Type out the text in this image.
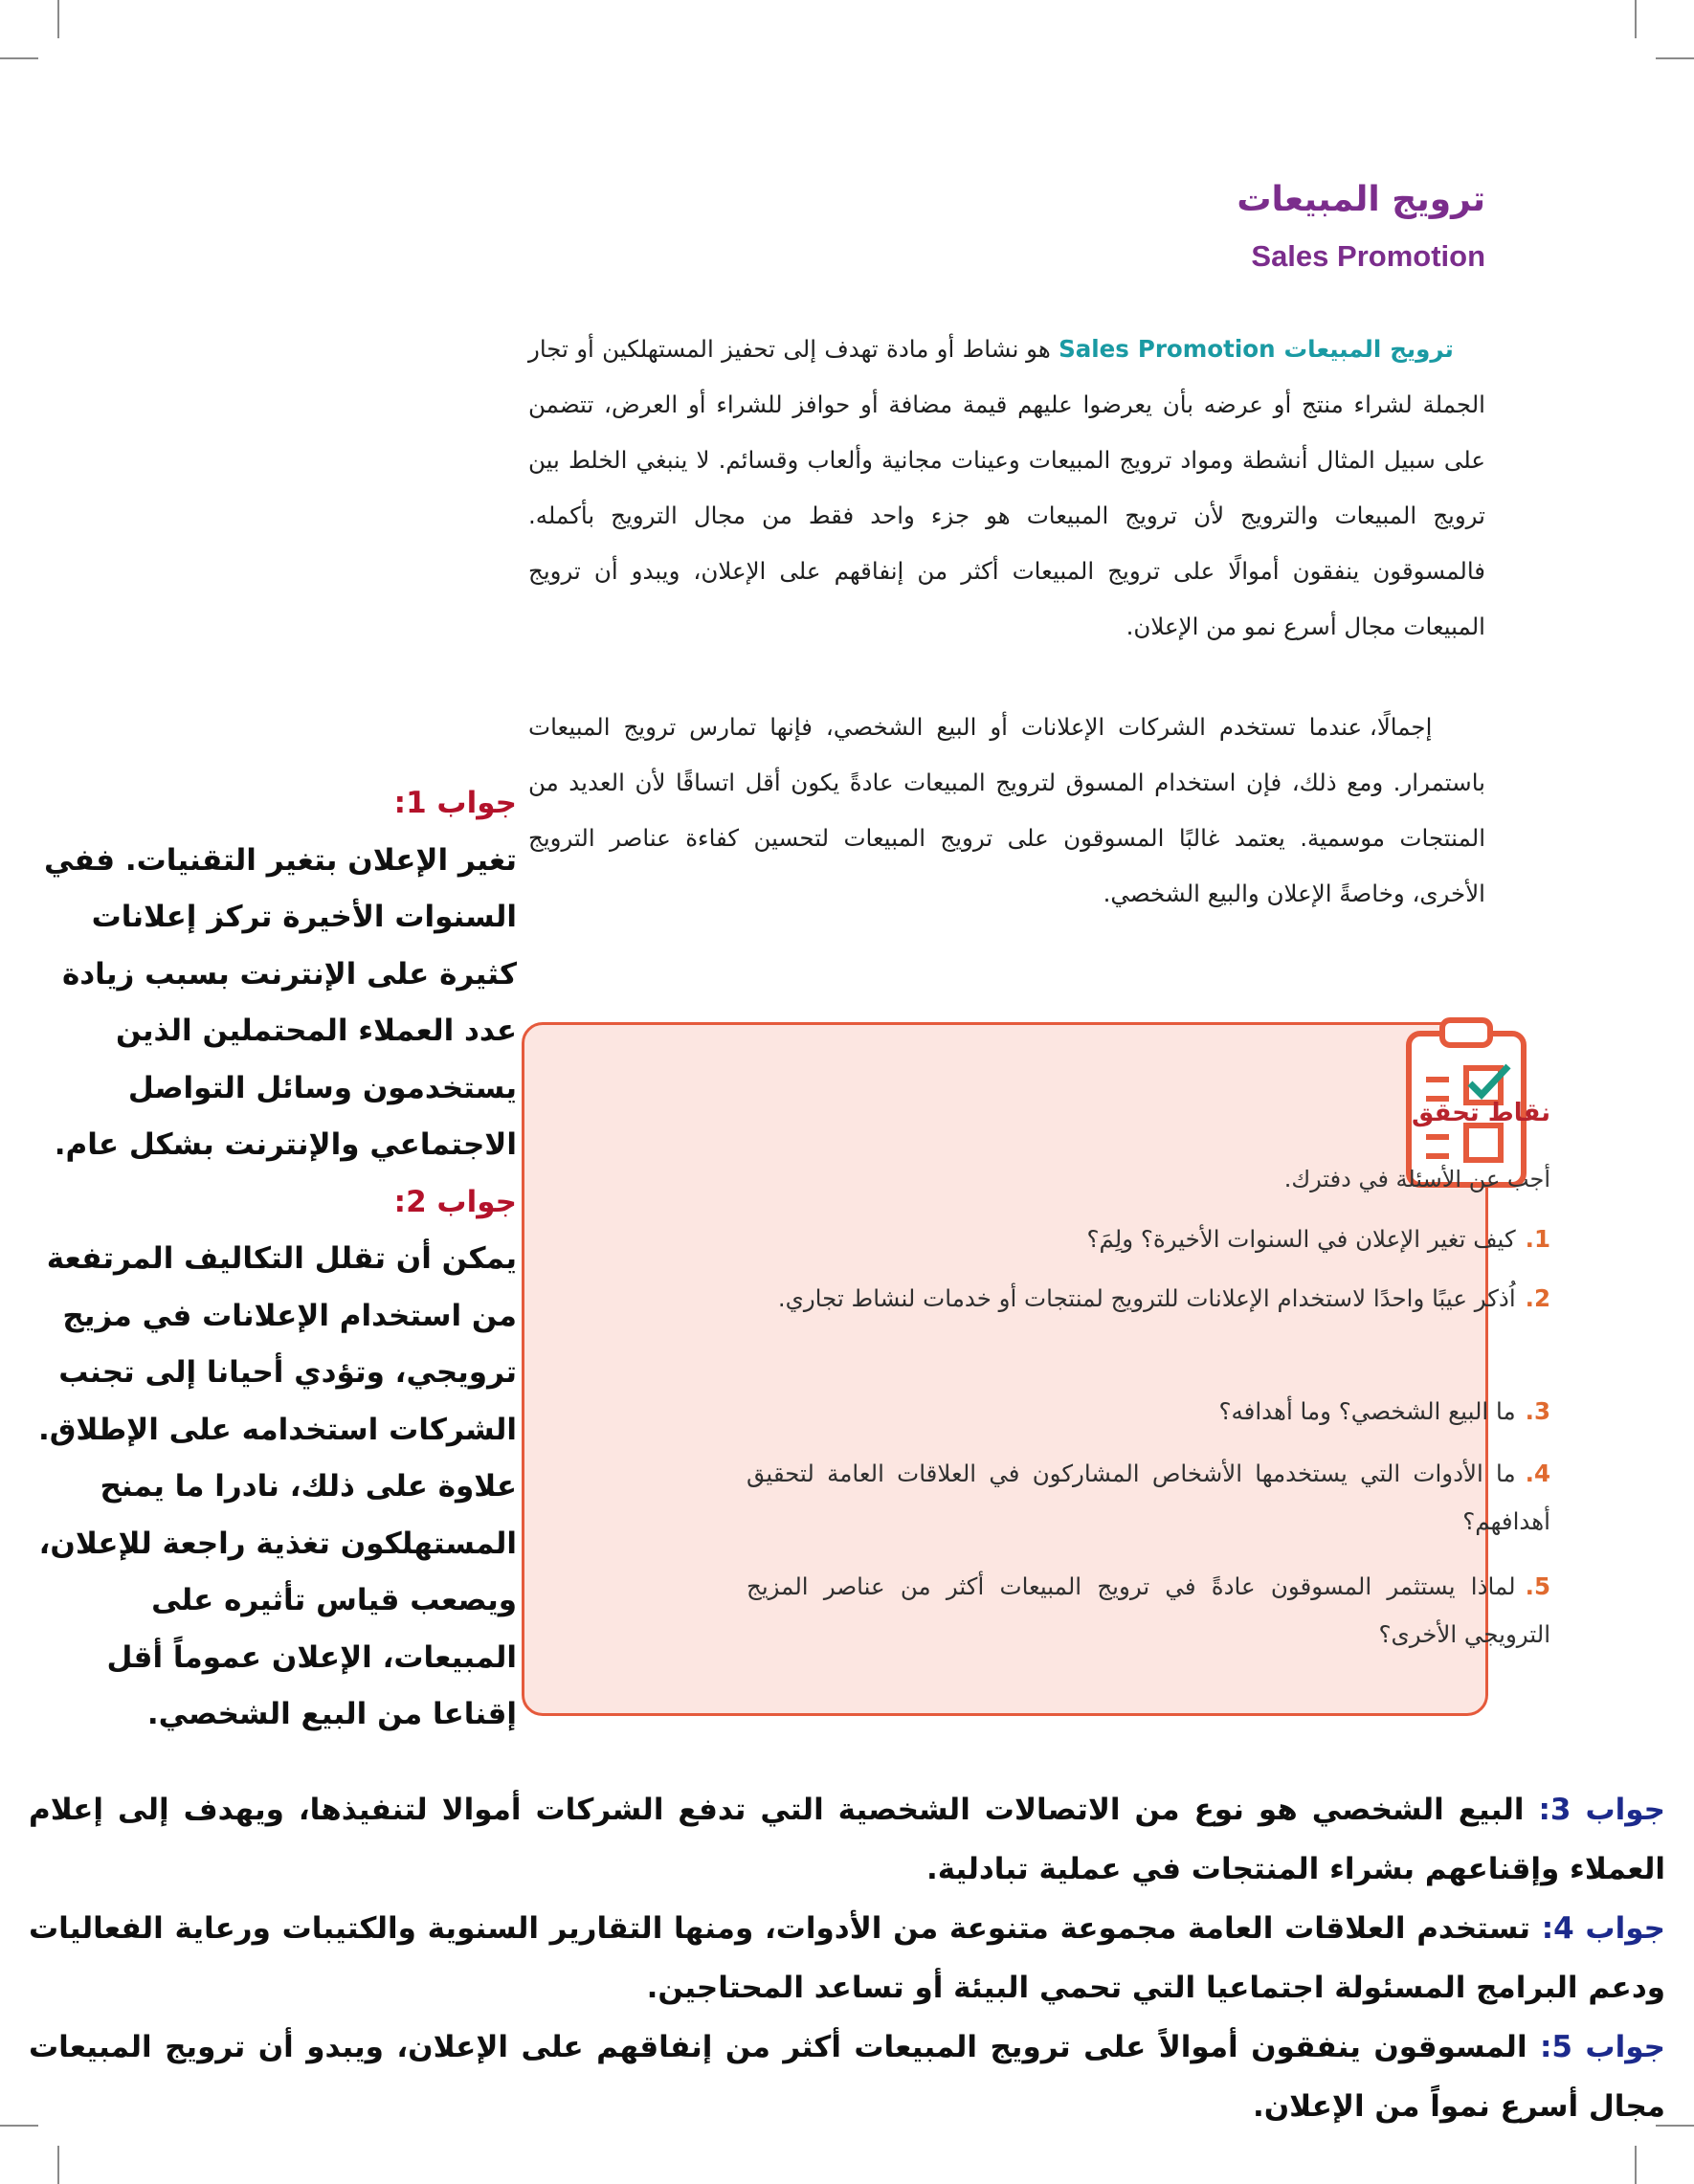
ترويج المبيعات
Sales Promotion

ترويج المبيعات Sales Promotion هو نشاط أو مادة تهدف إلى تحفيز المستهلكين أو تجار الجملة لشراء منتج أو عرضه بأن يعرضوا عليهم قيمة مضافة أو حوافز للشراء أو العرض، تتضمن على سبيل المثال أنشطة ومواد ترويج المبيعات وعينات مجانية وألعاب وقسائم. لا ينبغي الخلط بين ترويج المبيعات والترويج لأن ترويج المبيعات هو جزء واحد فقط من مجال الترويج بأكمله. فالمسوقون ينفقون أموالًا على ترويج المبيعات أكثر من إنفاقهم على الإعلان، ويبدو أن ترويج المبيعات مجال أسرع نمو من الإعلان.

إجمالًا، عندما تستخدم الشركات الإعلانات أو البيع الشخصي، فإنها تمارس ترويج المبيعات باستمرار. ومع ذلك، فإن استخدام المسوق لترويج المبيعات عادةً يكون أقل اتساقًا لأن العديد من المنتجات موسمية. يعتمد غالبًا المسوقون على ترويج المبيعات لتحسين كفاءة عناصر الترويج الأخرى، وخاصةً الإعلان والبيع الشخصي.

جواب 1:

تغير الإعلان بتغير التقنيات. ففي السنوات الأخيرة تركز إعلانات كثيرة على الإنترنت بسبب زيادة عدد العملاء المحتملين الذين يستخدمون وسائل التواصل الاجتماعي والإنترنت بشكل عام.

جواب 2:

يمكن أن تقلل التكاليف المرتفعة من استخدام الإعلانات في مزيج ترويجي، وتؤدي أحيانا إلى تجنب الشركات استخدامه على الإطلاق. علاوة على ذلك، نادرا ما يمنح المستهلكون تغذية راجعة للإعلان، ويصعب قياس تأثيره على المبيعات، الإعلان عموماً أقل إقناعا من البيع الشخصي.

نقاط تحقق

أجب عن الأسئلة في دفترك.

1.كيف تغير الإعلان في السنوات الأخيرة؟ ولِمَ؟

2.اُذكر عيبًا واحدًا لاستخدام الإعلانات للترويج لمنتجات أو خدمات لنشاط تجاري.

3.ما البيع الشخصي؟ وما أهدافه؟

4.ما الأدوات التي يستخدمها الأشخاص المشاركون في العلاقات العامة لتحقيق أهدافهم؟

5.لماذا يستثمر المسوقون عادةً في ترويج المبيعات أكثر من عناصر المزيج الترويجي الأخرى؟

جواب 3: البيع الشخصي هو نوع من الاتصالات الشخصية التي تدفع الشركات أموالا لتنفيذها، ويهدف إلى إعلام العملاء وإقناعهم بشراء المنتجات في عملية تبادلية.

جواب 4: تستخدم العلاقات العامة مجموعة متنوعة من الأدوات، ومنها التقارير السنوية والكتيبات ورعاية الفعاليات ودعم البرامج المسئولة اجتماعيا التي تحمي البيئة أو تساعد المحتاجين.

جواب 5: المسوقون ينفقون أموالاً على ترويج المبيعات أكثر من إنفاقهم على الإعلان، ويبدو أن ترويج المبيعات مجال أسرع نمواً من الإعلان.
